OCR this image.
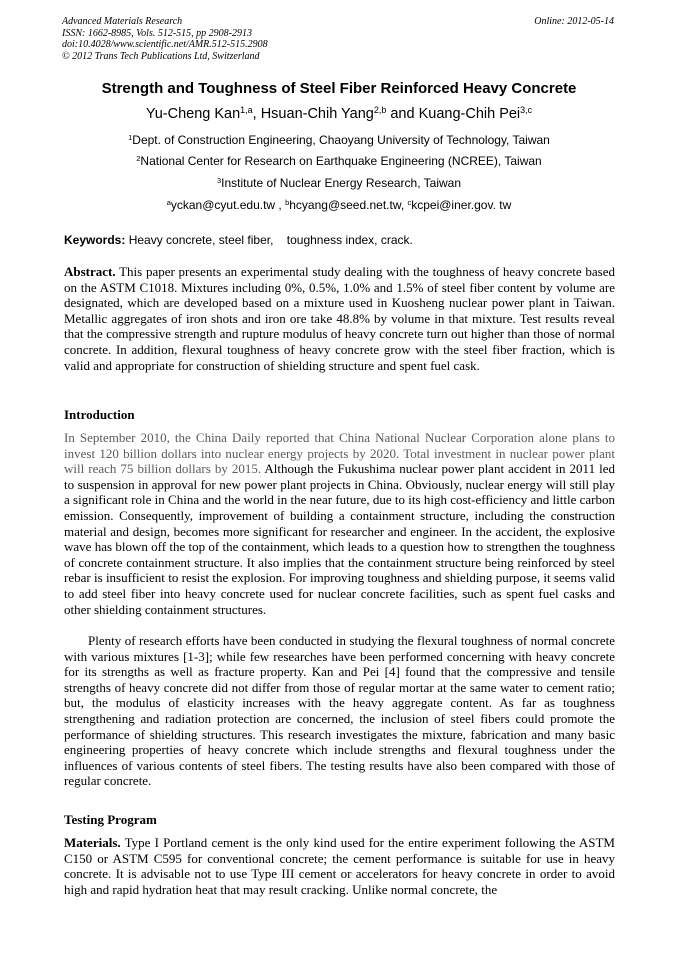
Advanced Materials Research
ISSN: 1662-8985, Vols. 512-515, pp 2908-2913
doi:10.4028/www.scientific.net/AMR.512-515.2908
© 2012 Trans Tech Publications Ltd, Switzerland
Online: 2012-05-14
Strength and Toughness of Steel Fiber Reinforced Heavy Concrete
Yu-Cheng Kan$^{1,a}$, Hsuan-Chih Yang$^{2,b}$ and Kuang-Chih Pei$^{3,c}$
$^1$Dept. of Construction Engineering, Chaoyang University of Technology, Taiwan
$^2$National Center for Research on Earthquake Engineering (NCREE), Taiwan
$^3$Institute of Nuclear Energy Research, Taiwan
$^a$yckan@cyut.edu.tw , $^b$hcyang@seed.net.tw, $^c$kcpei@iner.gov. tw
Keywords: Heavy concrete, steel fiber,    toughness index, crack.

Abstract. This paper presents an experimental study dealing with the toughness of heavy concrete based on the ASTM C1018. Mixtures including 0%, 0.5%, 1.0% and 1.5% of steel fiber content by volume are designated, which are developed based on a mixture used in Kuosheng nuclear power plant in Taiwan. Metallic aggregates of iron shots and iron ore take 48.8% by volume in that mixture. Test results reveal that the compressive strength and rupture modulus of heavy concrete turn out higher than those of normal concrete. In addition, flexural toughness of heavy concrete grow with the steel fiber fraction, which is valid and appropriate for construction of shielding structure and spent fuel cask.

Introduction

In September 2010, the China Daily reported that China National Nuclear Corporation alone plans to invest 120 billion dollars into nuclear energy projects by 2020. Total investment in nuclear power plant will reach 75 billion dollars by 2015. Although the Fukushima nuclear power plant accident in 2011 led to suspension in approval for new power plant projects in China. Obviously, nuclear energy will still play a significant role in China and the world in the near future, due to its high cost-efficiency and little carbon emission. Consequently, improvement of building a containment structure, including the construction material and design, becomes more significant for researcher and engineer. In the accident, the explosive wave has blown off the top of the containment, which leads to a question how to strengthen the toughness of concrete containment structure. It also implies that the containment structure being reinforced by steel rebar is insufficient to resist the explosion. For improving toughness and shielding purpose, it seems valid to add steel fiber into heavy concrete used for nuclear concrete facilities, such as spent fuel casks and other shielding containment structures.

Plenty of research efforts have been conducted in studying the flexural toughness of normal concrete with various mixtures [1-3]; while few researches have been performed concerning with heavy concrete for its strengths as well as fracture property. Kan and Pei [4] found that the compressive and tensile strengths of heavy concrete did not differ from those of regular mortar at the same water to cement ratio; but, the modulus of elasticity increases with the heavy aggregate content. As far as toughness strengthening and radiation protection are concerned, the inclusion of steel fibers could promote the performance of shielding structures. This research investigates the mixture, fabrication and many basic engineering properties of heavy concrete which include strengths and flexural toughness under the influences of various contents of steel fibers. The testing results have also been compared with those of regular concrete.

Testing Program

Materials. Type I Portland cement is the only kind used for the entire experiment following the ASTM C150 or ASTM C595 for conventional concrete; the cement performance is suitable for use in heavy concrete. It is advisable not to use Type III cement or accelerators for heavy concrete in order to avoid high and rapid hydration heat that may result cracking. Unlike normal concrete, the
